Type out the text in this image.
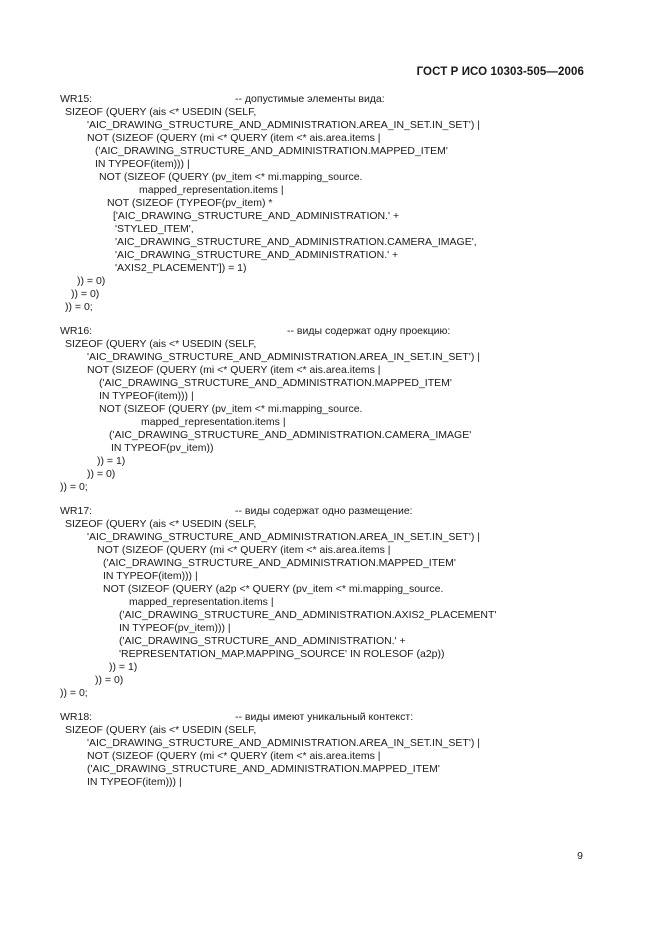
ГОСТ Р ИСО 10303-505—2006
WR15:	-- допустимые элементы вида:
SIZEOF (QUERY (ais <* USEDIN (SELF,
'AIC_DRAWING_STRUCTURE_AND_ADMINISTRATION.AREA_IN_SET.IN_SET') |
NOT (SIZEOF (QUERY (mi <* QUERY (item <* ais.area.items |
('AIC_DRAWING_STRUCTURE_AND_ADMINISTRATION.MAPPED_ITEM'
IN TYPEOF(item))) |
NOT (SIZEOF (QUERY (pv_item <* mi.mapping_source.
mapped_representation.items |
NOT (SIZEOF (TYPEOF(pv_item) *
['AIC_DRAWING_STRUCTURE_AND_ADMINISTRATION.' +
'STYLED_ITEM',
'AIC_DRAWING_STRUCTURE_AND_ADMINISTRATION.CAMERA_IMAGE',
'AIC_DRAWING_STRUCTURE_AND_ADMINISTRATION.' +
'AXIS2_PLACEMENT']) = 1)
)) = 0)
)) = 0)
)) = 0;
WR16:	-- виды содержат одну проекцию:
SIZEOF (QUERY (ais <* USEDIN (SELF,
'AIC_DRAWING_STRUCTURE_AND_ADMINISTRATION.AREA_IN_SET.IN_SET') |
NOT (SIZEOF (QUERY (mi <* QUERY (item <* ais.area.items |
('AIC_DRAWING_STRUCTURE_AND_ADMINISTRATION.MAPPED_ITEM'
IN TYPEOF(item))) |
NOT (SIZEOF (QUERY (pv_item <* mi.mapping_source.
mapped_representation.items |
('AIC_DRAWING_STRUCTURE_AND_ADMINISTRATION.CAMERA_IMAGE'
IN TYPEOF(pv_item))
)) = 1)
)) = 0)
)) = 0;
WR17:	-- виды содержат одно размещение:
SIZEOF (QUERY (ais <* USEDIN (SELF,
'AIC_DRAWING_STRUCTURE_AND_ADMINISTRATION.AREA_IN_SET.IN_SET') |
NOT (SIZEOF (QUERY (mi <* QUERY (item <* ais.area.items |
('AIC_DRAWING_STRUCTURE_AND_ADMINISTRATION.MAPPED_ITEM'
IN TYPEOF(item))) |
NOT (SIZEOF (QUERY (a2p <* QUERY (pv_item <* mi.mapping_source.
mapped_representation.items |
('AIC_DRAWING_STRUCTURE_AND_ADMINISTRATION.AXIS2_PLACEMENT'
IN TYPEOF(pv_item))) |
('AIC_DRAWING_STRUCTURE_AND_ADMINISTRATION.' +
'REPRESENTATION_MAP.MAPPING_SOURCE' IN ROLESOF (a2p))
)) = 1)
)) = 0)
)) = 0;
WR18:	-- виды имеют уникальный контекст:
SIZEOF (QUERY (ais <* USEDIN (SELF,
'AIC_DRAWING_STRUCTURE_AND_ADMINISTRATION.AREA_IN_SET.IN_SET') |
NOT (SIZEOF (QUERY (mi <* QUERY (item <* ais.area.items |
('AIC_DRAWING_STRUCTURE_AND_ADMINISTRATION.MAPPED_ITEM'
IN TYPEOF(item))) |
9
